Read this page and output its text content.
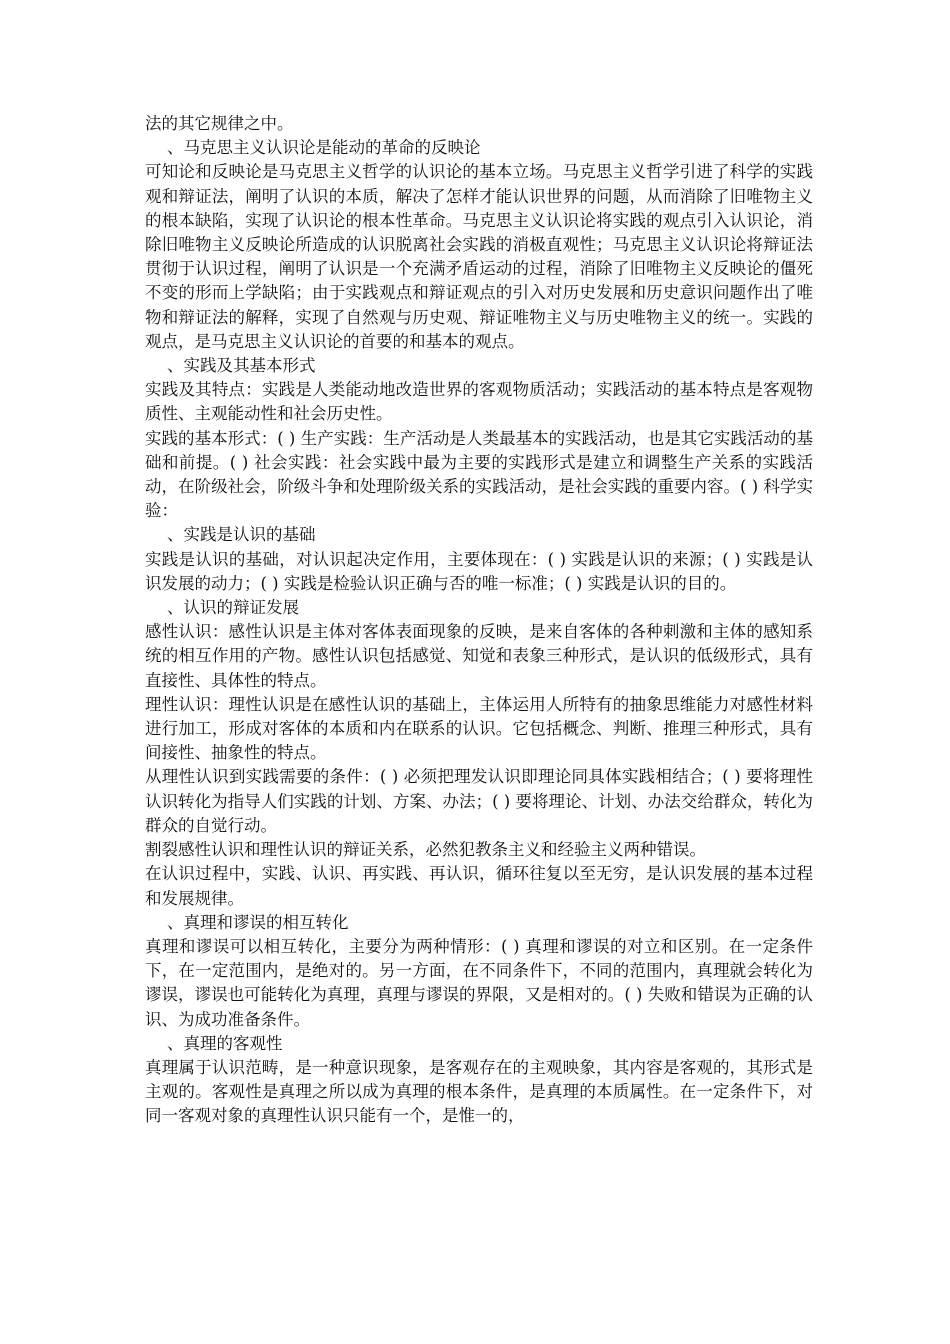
法的其它规律之中。

、马克思主义认识论是能动的革命的反映论

可知论和反映论是马克思主义哲学的认识论的基本立场。马克思主义哲学引进了科学的实践观和辩证法，阐明了认识的本质，解决了怎样才能认识世界的问题，从而消除了旧唯物主义的根本缺陷，实现了认识论的根本性革命。马克思主义认识论将实践的观点引入认识论，消除旧唯物主义反映论所造成的认识脱离社会实践的消极直观性；马克思主义认识论将辩证法贯彻于认识过程，阐明了认识是一个充满矛盾运动的过程，消除了旧唯物主义反映论的僵死不变的形而上学缺陷；由于实践观点和辩证观点的引入对历史发展和历史意识问题作出了唯物和辩证法的解释，实现了自然观与历史观、辩证唯物主义与历史唯物主义的统一。实践的观点，是马克思主义认识论的首要的和基本的观点。

、实践及其基本形式

实践及其特点：实践是人类能动地改造世界的客观物质活动；实践活动的基本特点是客观物质性、主观能动性和社会历史性。

实践的基本形式：( ) 生产实践：生产活动是人类最基本的实践活动，也是其它实践活动的基础和前提。( ) 社会实践：社会实践中最为主要的实践形式是建立和调整生产关系的实践活动，在阶级社会，阶级斗争和处理阶级关系的实践活动，是社会实践的重要内容。( ) 科学实验：

、实践是认识的基础

实践是认识的基础，对认识起决定作用，主要体现在：( ) 实践是认识的来源；( ) 实践是认识发展的动力；( ) 实践是检验认识正确与否的唯一标准；( ) 实践是认识的目的。

、认识的辩证发展

感性认识：感性认识是主体对客体表面现象的反映，是来自客体的各种刺激和主体的感知系统的相互作用的产物。感性认识包括感觉、知觉和表象三种形式，是认识的低级形式，具有直接性、具体性的特点。

理性认识：理性认识是在感性认识的基础上，主体运用人所特有的抽象思维能力对感性材料进行加工，形成对客体的本质和内在联系的认识。它包括概念、判断、推理三种形式，具有间接性、抽象性的特点。

从理性认识到实践需要的条件：( ) 必须把理发认识即理论同具体实践相结合；( ) 要将理性认识转化为指导人们实践的计划、方案、办法；( ) 要将理论、计划、办法交给群众，转化为群众的自觉行动。

割裂感性认识和理性认识的辩证关系，必然犯教条主义和经验主义两种错误。

在认识过程中，实践、认识、再实践、再认识，循环往复以至无穷，是认识发展的基本过程和发展规律。

、真理和谬误的相互转化

真理和谬误可以相互转化，主要分为两种情形：( ) 真理和谬误的对立和区别。在一定条件下，在一定范围内，是绝对的。另一方面，在不同条件下，不同的范围内，真理就会转化为谬误，谬误也可能转化为真理，真理与谬误的界限，又是相对的。( ) 失败和错误为正确的认识、为成功准备条件。

、真理的客观性

真理属于认识范畴，是一种意识现象，是客观存在的主观映象，其内容是客观的，其形式是主观的。客观性是真理之所以成为真理的根本条件，是真理的本质属性。在一定条件下，对同一客观对象的真理性认识只能有一个，是惟一的，
